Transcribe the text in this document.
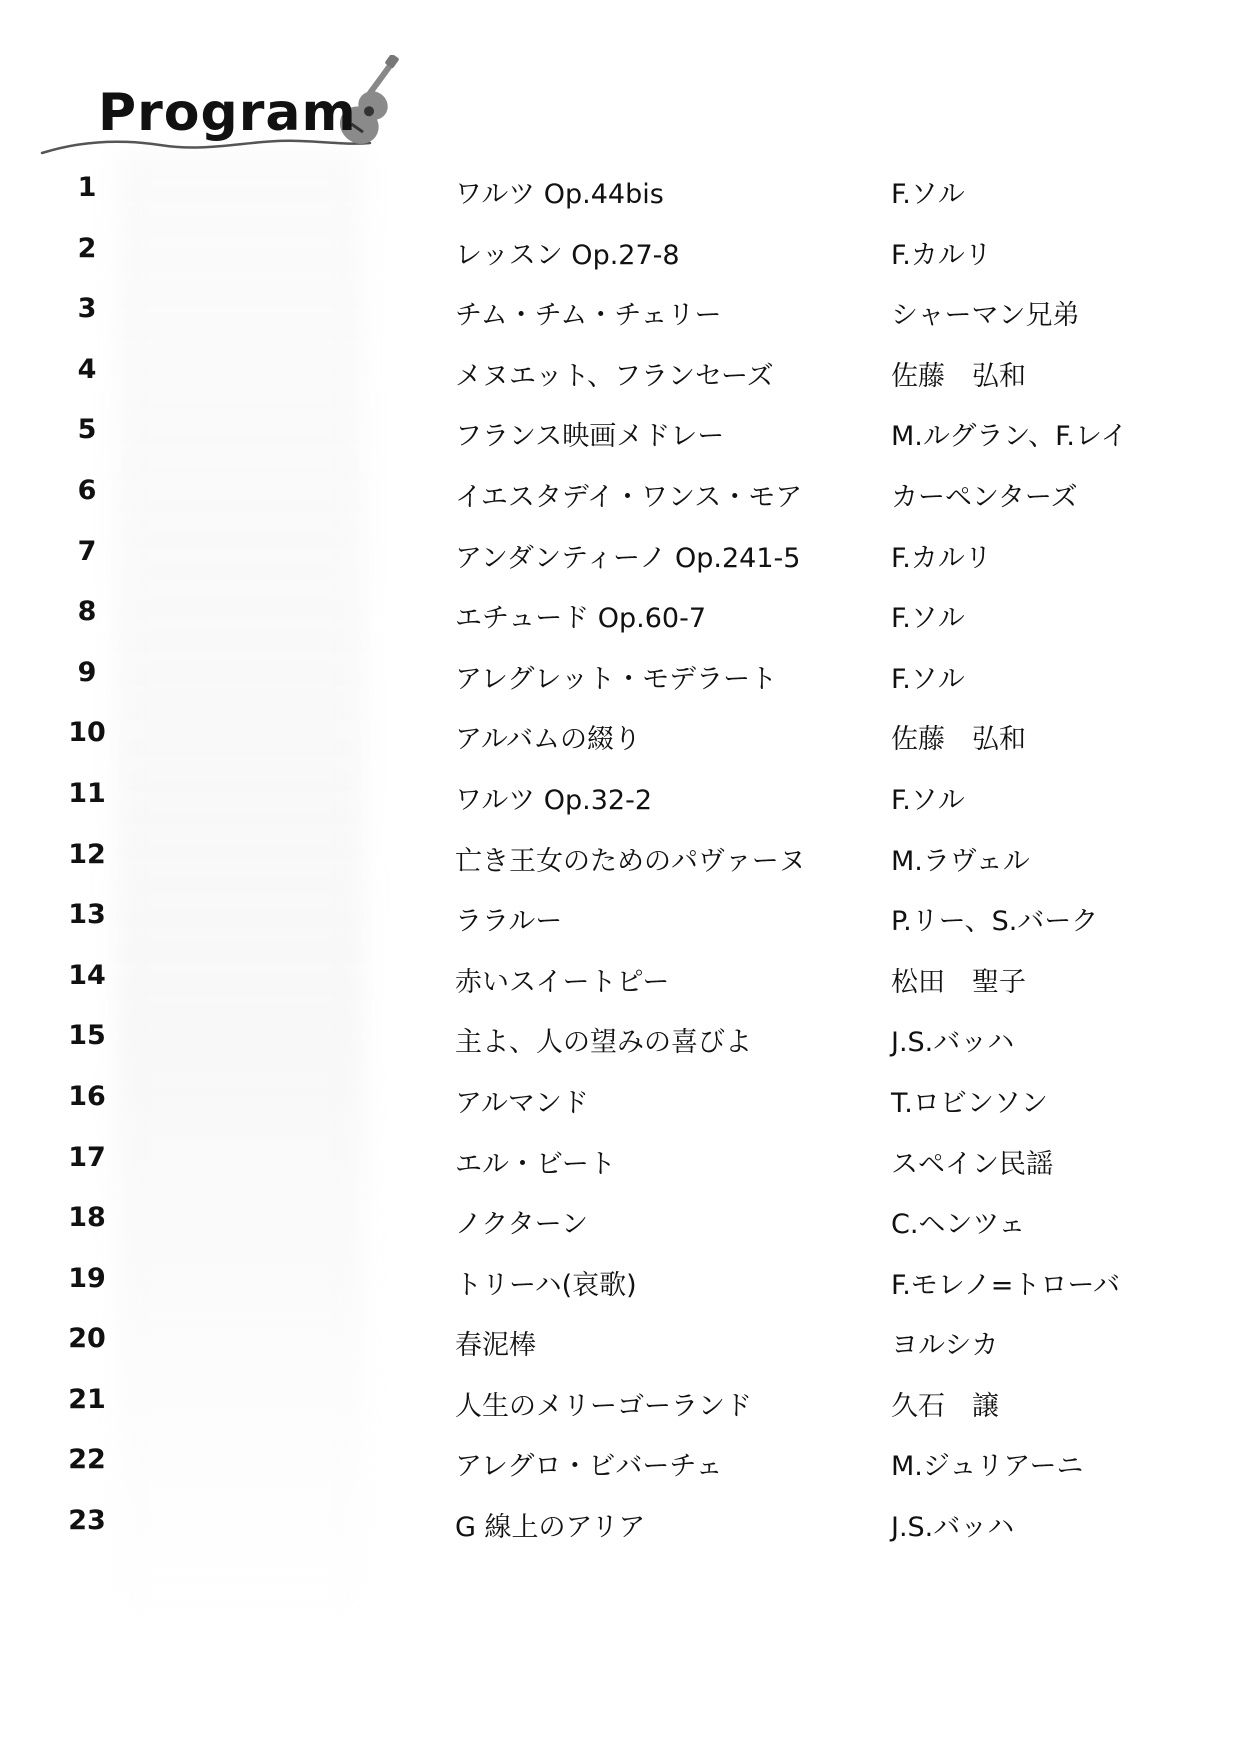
Program
1	ワルツ Op.44bis	F.ソル
2	レッスン Op.27-8	F.カルリ
3	チム・チム・チェリー	シャーマン兄弟
4	メヌエット、フランセーズ	佐藤　弘和
5	フランス映画メドレー	M.ルグラン、F.レイ
6	イエスタデイ・ワンス・モア	カーペンターズ
7	アンダンティーノ Op.241-5	F.カルリ
8	エチュード Op.60-7	F.ソル
9	アレグレット・モデラート	F.ソル
10	アルバムの綴り	佐藤　弘和
11	ワルツ Op.32-2	F.ソル
12	亡き王女のためのパヴァーヌ	M.ラヴェル
13	ララルー	P.リー、S.バーク
14	赤いスイートピー	松田　聖子
15	主よ、人の望みの喜びよ	J.S.バッハ
16	アルマンド	T.ロビンソン
17	エル・ビート	スペイン民謡
18	ノクターン	C.ヘンツェ
19	トリーハ(哀歌)	F.モレノ=トローバ
20	春泥棒	ヨルシカ
21	人生のメリーゴーランド	久石　譲
22	アレグロ・ビバーチェ	M.ジュリアーニ
23	G 線上のアリア	J.S.バッハ
